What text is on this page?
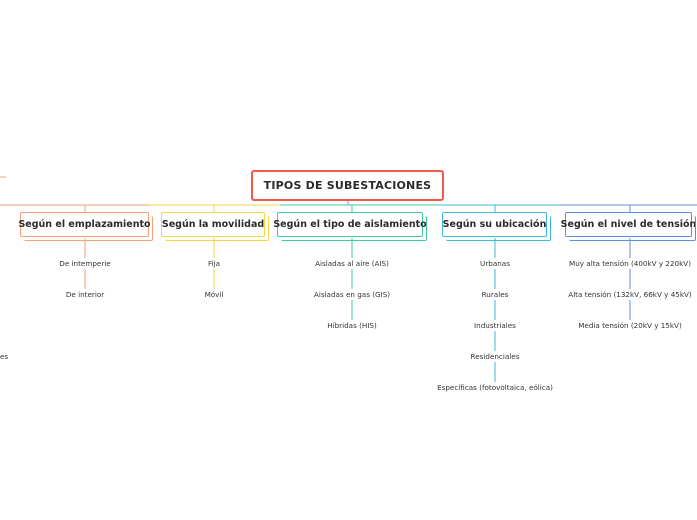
TIPOS DE SUBESTACIONES
Según el emplazamiento Según la movilidad Según el tipo de aislamiento Según su ubicación Según el nivel de tensión
De intemperie
De interior
Fija
Móvil
Aisladas al aire (AIS)
Aisladas en gas (GIS)
Híbridas (HIS)
Urbanas
Rurales
Industriales
Residenciales
Específicas (fotovoltaica, eólica)
Muy alta tensión (400kV y 220kV)
Alta tensión (132kV, 66kV y 45kV)
Media tensión (20kV y 15kV)
es
